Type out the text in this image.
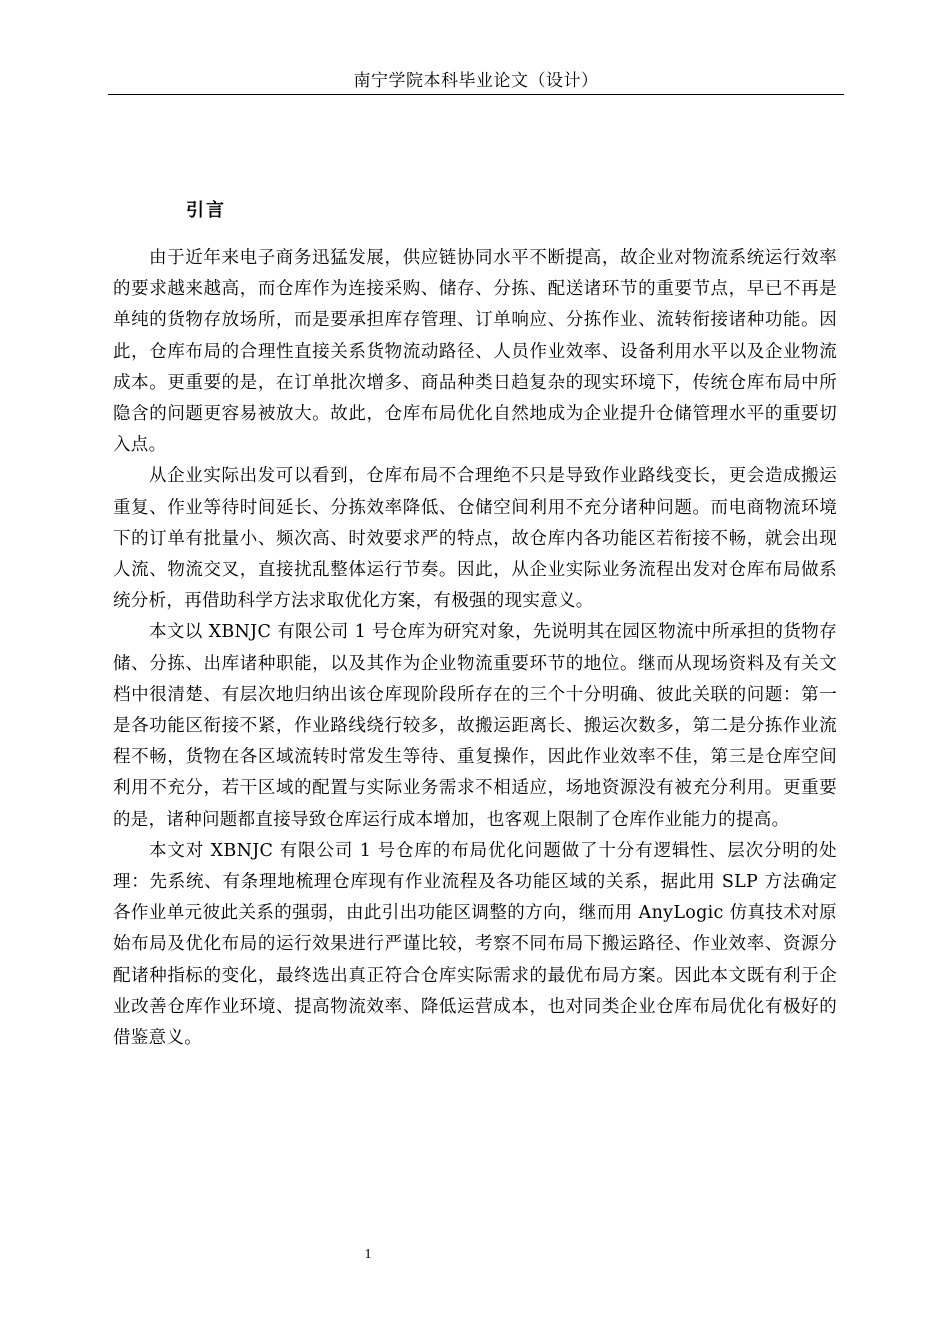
南宁学院本科毕业论文（设计）
引言

由于近年来电子商务迅猛发展，供应链协同水平不断提高，故企业对物流系统运行效率的要求越来越高，而仓库作为连接采购、储存、分拣、配送诸环节的重要节点，早已不再是单纯的货物存放场所，而是要承担库存管理、订单响应、分拣作业、流转衔接诸种功能。因此，仓库布局的合理性直接关系货物流动路径、人员作业效率、设备利用水平以及企业物流成本。更重要的是，在订单批次增多、商品种类日趋复杂的现实环境下，传统仓库布局中所隐含的问题更容易被放大。故此，仓库布局优化自然地成为企业提升仓储管理水平的重要切入点。

从企业实际出发可以看到，仓库布局不合理绝不只是导致作业路线变长，更会造成搬运重复、作业等待时间延长、分拣效率降低、仓储空间利用不充分诸种问题。而电商物流环境下的订单有批量小、频次高、时效要求严的特点，故仓库内各功能区若衔接不畅，就会出现人流、物流交叉，直接扰乱整体运行节奏。因此，从企业实际业务流程出发对仓库布局做系统分析，再借助科学方法求取优化方案，有极强的现实意义。

本文以 XBNJC 有限公司 1 号仓库为研究对象，先说明其在园区物流中所承担的货物存储、分拣、出库诸种职能，以及其作为企业物流重要环节的地位。继而从现场资料及有关文档中很清楚、有层次地归纳出该仓库现阶段所存在的三个十分明确、彼此关联的问题：第一是各功能区衔接不紧，作业路线绕行较多，故搬运距离长、搬运次数多，第二是分拣作业流程不畅，货物在各区域流转时常发生等待、重复操作，因此作业效率不佳，第三是仓库空间利用不充分，若干区域的配置与实际业务需求不相适应，场地资源没有被充分利用。更重要的是，诸种问题都直接导致仓库运行成本增加，也客观上限制了仓库作业能力的提高。

本文对 XBNJC 有限公司 1 号仓库的布局优化问题做了十分有逻辑性、层次分明的处理：先系统、有条理地梳理仓库现有作业流程及各功能区域的关系，据此用 SLP 方法确定各作业单元彼此关系的强弱，由此引出功能区调整的方向，继而用 AnyLogic 仿真技术对原始布局及优化布局的运行效果进行严谨比较，考察不同布局下搬运路径、作业效率、资源分配诸种指标的变化，最终选出真正符合仓库实际需求的最优布局方案。因此本文既有利于企业改善仓库作业环境、提高物流效率、降低运营成本，也对同类企业仓库布局优化有极好的借鉴意义。

1
